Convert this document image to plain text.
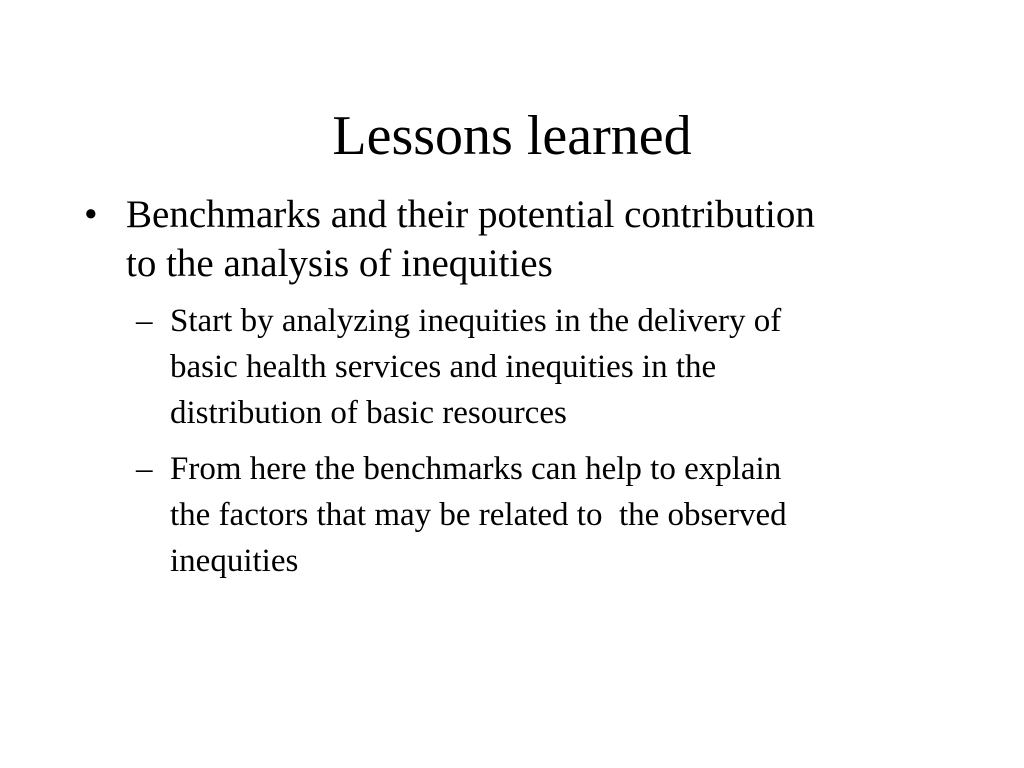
Lessons learned
• Benchmarks and their potential contribution
to the analysis of inequities
– Start by analyzing inequities in the delivery of
basic health services and inequities in the
distribution of basic resources
– From here the benchmarks can help to explain
the factors that may be related to  the observed
inequities
